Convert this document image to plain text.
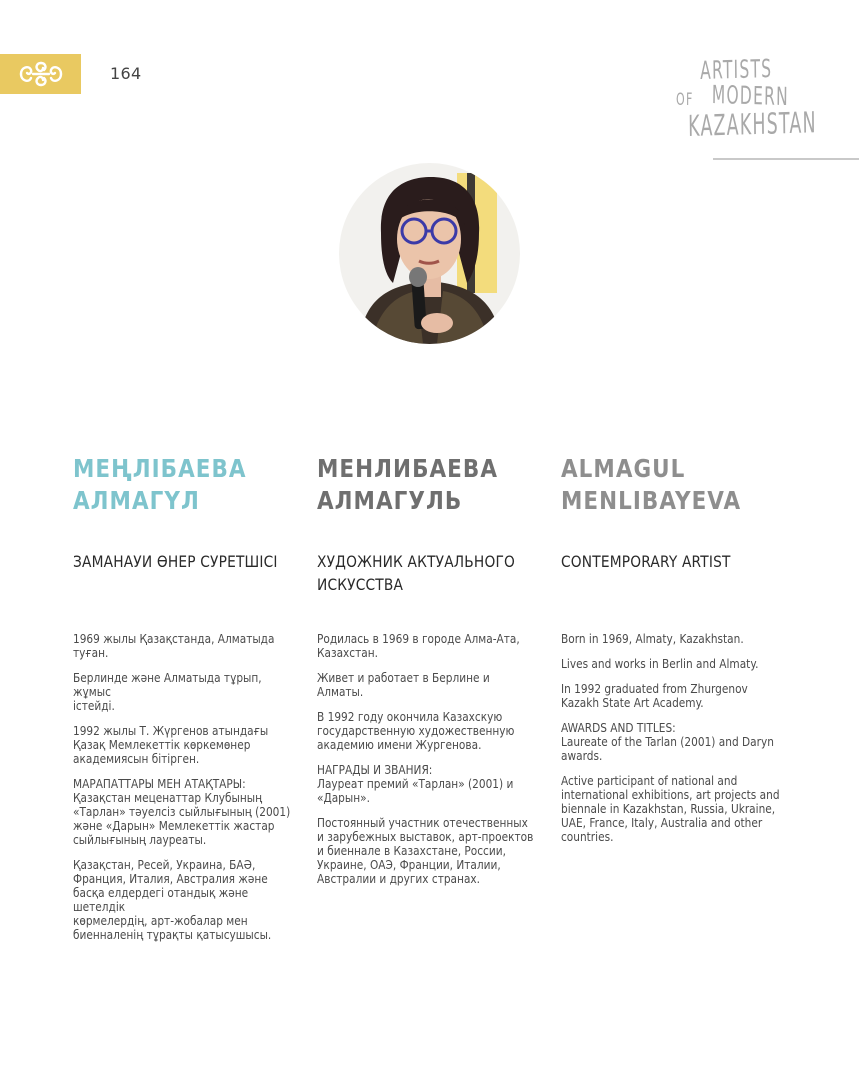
164	ARTISTS
OF MODERN
KAZAKHSTAN
МЕҢЛІБАЕВА
АЛМАГҮЛ
ЗАМАНАУИ ӨНЕР СУРЕТШІСІ

1969 жылы Қазақстанда, Алматыда туған.

Берлинде және Алматыда тұрып, жұмыс
істейді.

1992 жылы Т. Жүргенов атындағы
Қазақ Мемлекеттік көркемөнер
академиясын бітірген.

МАРАПАТТАРЫ МЕН АТАҚТАРЫ:
Қазақстан меценаттар Клубының
«Тарлан» тәуелсіз сыйлығының (2001)
және «Дарын» Мемлекеттік жастар
сыйлығының лауреаты.

Қазақстан, Ресей, Украина, БАӘ,
Франция, Италия, Австралия және
басқа елдердегі отандық және шетелдік
көрмелердің, арт-жобалар мен
биенналенің тұрақты қатысушысы.

МЕНЛИБАЕВА
АЛМАГУЛЬ
ХУДОЖНИК АКТУАЛЬНОГО
ИСКУССТВА

Родилась в 1969 в городе Алма-Ата,
Казахстан.

Живет и работает в Берлине и Алматы.

В 1992 году окончила Казахскую
государственную художественную
академию имени Жургенова.

НАГРАДЫ И ЗВАНИЯ:
Лауреат премий «Тарлан» (2001) и
«Дарын».

Постоянный участник отечественных
и зарубежных выставок, арт-проектов
и биеннале в Казахстане, России,
Украине, ОАЭ, Франции, Италии,
Австралии и других странах.

ALMAGUL
MENLIBAYEVA
CONTEMPORARY ARTIST

Born in 1969, Almaty, Kazakhstan.

Lives and works in Berlin and Almaty.

In 1992 graduated from Zhurgenov
Kazakh State Art Academy.

AWARDS AND TITLES:
Laureate of the Tarlan (2001) and Daryn
awards.

Active participant of national and
international exhibitions, art projects and
biennale in Kazakhstan, Russia, Ukraine,
UAE, France, Italy, Australia and other
countries.
